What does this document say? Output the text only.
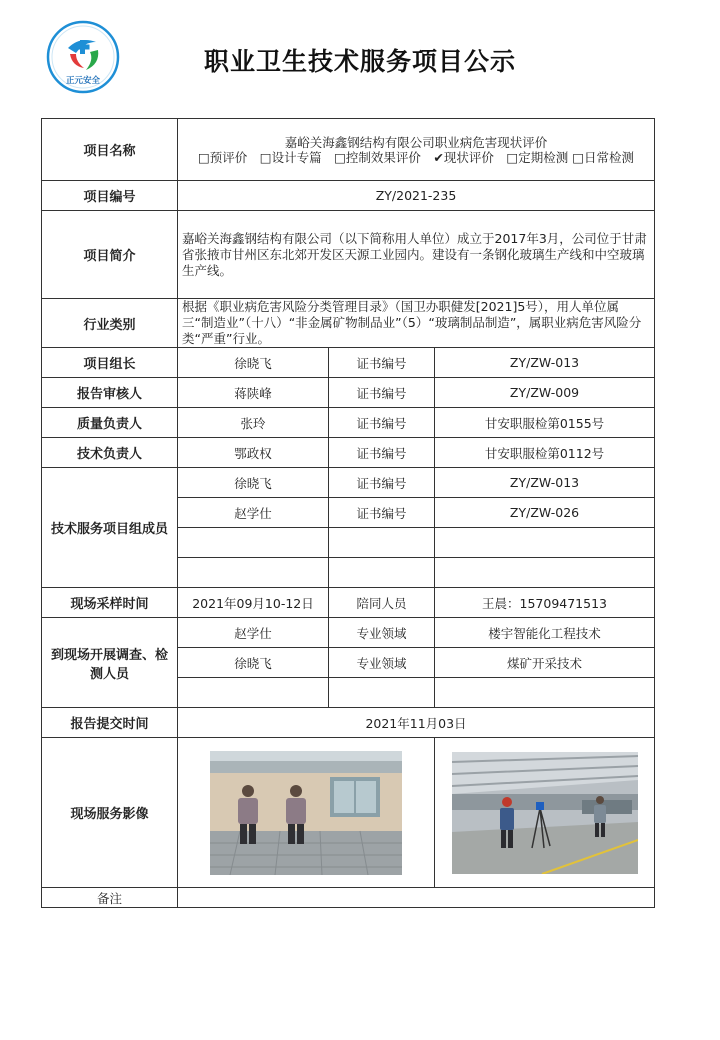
正元安全
职业卫生技术服务项目公示
项目名称	嘉峪关海鑫钢结构有限公司职业病危害现状评价
□预评价　□设计专篇　□控制效果评价　✔现状评价　□定期检测 □日常检测		

项目编号	ZY/2021-235		
项目简介	嘉峪关海鑫钢结构有限公司（以下简称用人单位）成立于2017年3月，公司位于甘肃省张掖市甘州区东北郊开发区天源工业园内。建设有一条钢化玻璃生产线和中空玻璃生产线。		
行业类别	根据《职业病危害风险分类管理目录》（国卫办职健发[2021]5号），用人单位属三“制造业”（十八）“非金属矿物制品业”（5）“玻璃制品制造”，属职业病危害风险分类“严重”行业。		
项目组长	徐晓飞	证书编号	ZY/ZW-013
报告审核人	蒋陕峰	证书编号	ZY/ZW-009
质量负责人	张玲	证书编号	甘安职服检第0155号
技术负责人	鄂政权	证书编号	甘安职服检第0112号
技术服务项目组成员	徐晓飞	证书编号	ZY/ZW-013
	赵学仕	证书编号	ZY/ZW-026

现场采样时间	2021年09月10-12日	陪同人员	王晨：15709471513
到现场开展调查、检测人员	赵学仕	专业领域	楼宇智能化工程技术
	徐晓飞	专业领域	煤矿开采技术

报告提交时间	2021年11月03日		
现场服务影像	

备注			
